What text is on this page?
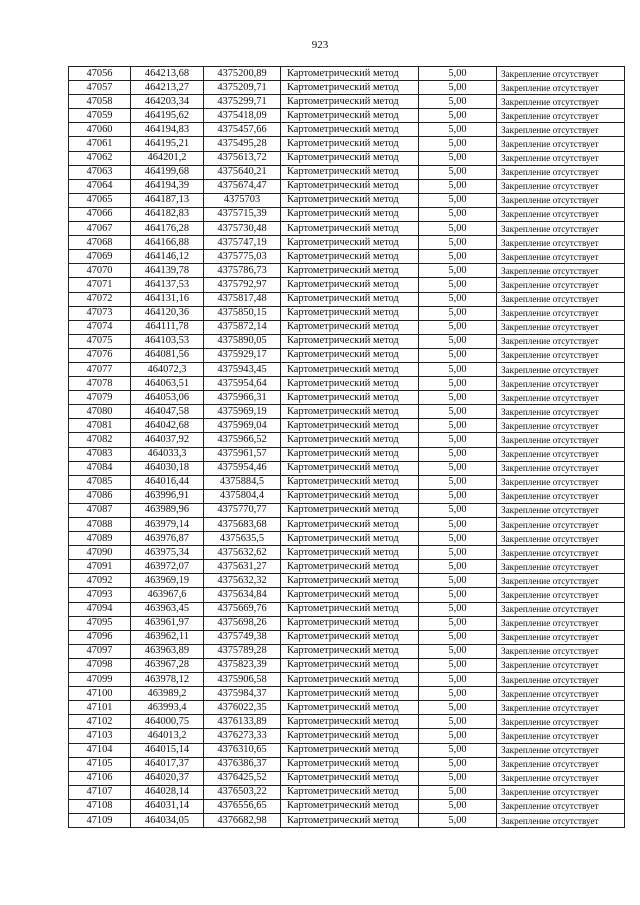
923
47056	464213,68	4375200,89	Картометрический метод	5,00	Закрепление отсутствует
47057	464213,27	4375209,71	Картометрический метод	5,00	Закрепление отсутствует
47058	464203,34	4375299,71	Картометрический метод	5,00	Закрепление отсутствует
47059	464195,62	4375418,09	Картометрический метод	5,00	Закрепление отсутствует
47060	464194,83	4375457,66	Картометрический метод	5,00	Закрепление отсутствует
47061	464195,21	4375495,28	Картометрический метод	5,00	Закрепление отсутствует
47062	464201,2	4375613,72	Картометрический метод	5,00	Закрепление отсутствует
47063	464199,68	4375640,21	Картометрический метод	5,00	Закрепление отсутствует
47064	464194,39	4375674,47	Картометрический метод	5,00	Закрепление отсутствует
47065	464187,13	4375703	Картометрический метод	5,00	Закрепление отсутствует
47066	464182,83	4375715,39	Картометрический метод	5,00	Закрепление отсутствует
47067	464176,28	4375730,48	Картометрический метод	5,00	Закрепление отсутствует
47068	464166,88	4375747,19	Картометрический метод	5,00	Закрепление отсутствует
47069	464146,12	4375775,03	Картометрический метод	5,00	Закрепление отсутствует
47070	464139,78	4375786,73	Картометрический метод	5,00	Закрепление отсутствует
47071	464137,53	4375792,97	Картометрический метод	5,00	Закрепление отсутствует
47072	464131,16	4375817,48	Картометрический метод	5,00	Закрепление отсутствует
47073	464120,36	4375850,15	Картометрический метод	5,00	Закрепление отсутствует
47074	464111,78	4375872,14	Картометрический метод	5,00	Закрепление отсутствует
47075	464103,53	4375890,05	Картометрический метод	5,00	Закрепление отсутствует
47076	464081,56	4375929,17	Картометрический метод	5,00	Закрепление отсутствует
47077	464072,3	4375943,45	Картометрический метод	5,00	Закрепление отсутствует
47078	464063,51	4375954,64	Картометрический метод	5,00	Закрепление отсутствует
47079	464053,06	4375966,31	Картометрический метод	5,00	Закрепление отсутствует
47080	464047,58	4375969,19	Картометрический метод	5,00	Закрепление отсутствует
47081	464042,68	4375969,04	Картометрический метод	5,00	Закрепление отсутствует
47082	464037,92	4375966,52	Картометрический метод	5,00	Закрепление отсутствует
47083	464033,3	4375961,57	Картометрический метод	5,00	Закрепление отсутствует
47084	464030,18	4375954,46	Картометрический метод	5,00	Закрепление отсутствует
47085	464016,44	4375884,5	Картометрический метод	5,00	Закрепление отсутствует
47086	463996,91	4375804,4	Картометрический метод	5,00	Закрепление отсутствует
47087	463989,96	4375770,77	Картометрический метод	5,00	Закрепление отсутствует
47088	463979,14	4375683,68	Картометрический метод	5,00	Закрепление отсутствует
47089	463976,87	4375635,5	Картометрический метод	5,00	Закрепление отсутствует
47090	463975,34	4375632,62	Картометрический метод	5,00	Закрепление отсутствует
47091	463972,07	4375631,27	Картометрический метод	5,00	Закрепление отсутствует
47092	463969,19	4375632,32	Картометрический метод	5,00	Закрепление отсутствует
47093	463967,6	4375634,84	Картометрический метод	5,00	Закрепление отсутствует
47094	463963,45	4375669,76	Картометрический метод	5,00	Закрепление отсутствует
47095	463961,97	4375698,26	Картометрический метод	5,00	Закрепление отсутствует
47096	463962,11	4375749,38	Картометрический метод	5,00	Закрепление отсутствует
47097	463963,89	4375789,28	Картометрический метод	5,00	Закрепление отсутствует
47098	463967,28	4375823,39	Картометрический метод	5,00	Закрепление отсутствует
47099	463978,12	4375906,58	Картометрический метод	5,00	Закрепление отсутствует
47100	463989,2	4375984,37	Картометрический метод	5,00	Закрепление отсутствует
47101	463993,4	4376022,35	Картометрический метод	5,00	Закрепление отсутствует
47102	464000,75	4376133,89	Картометрический метод	5,00	Закрепление отсутствует
47103	464013,2	4376273,33	Картометрический метод	5,00	Закрепление отсутствует
47104	464015,14	4376310,65	Картометрический метод	5,00	Закрепление отсутствует
47105	464017,37	4376386,37	Картометрический метод	5,00	Закрепление отсутствует
47106	464020,37	4376425,52	Картометрический метод	5,00	Закрепление отсутствует
47107	464028,14	4376503,22	Картометрический метод	5,00	Закрепление отсутствует
47108	464031,14	4376556,65	Картометрический метод	5,00	Закрепление отсутствует
47109	464034,05	4376682,98	Картометрический метод	5,00	Закрепление отсутствует
